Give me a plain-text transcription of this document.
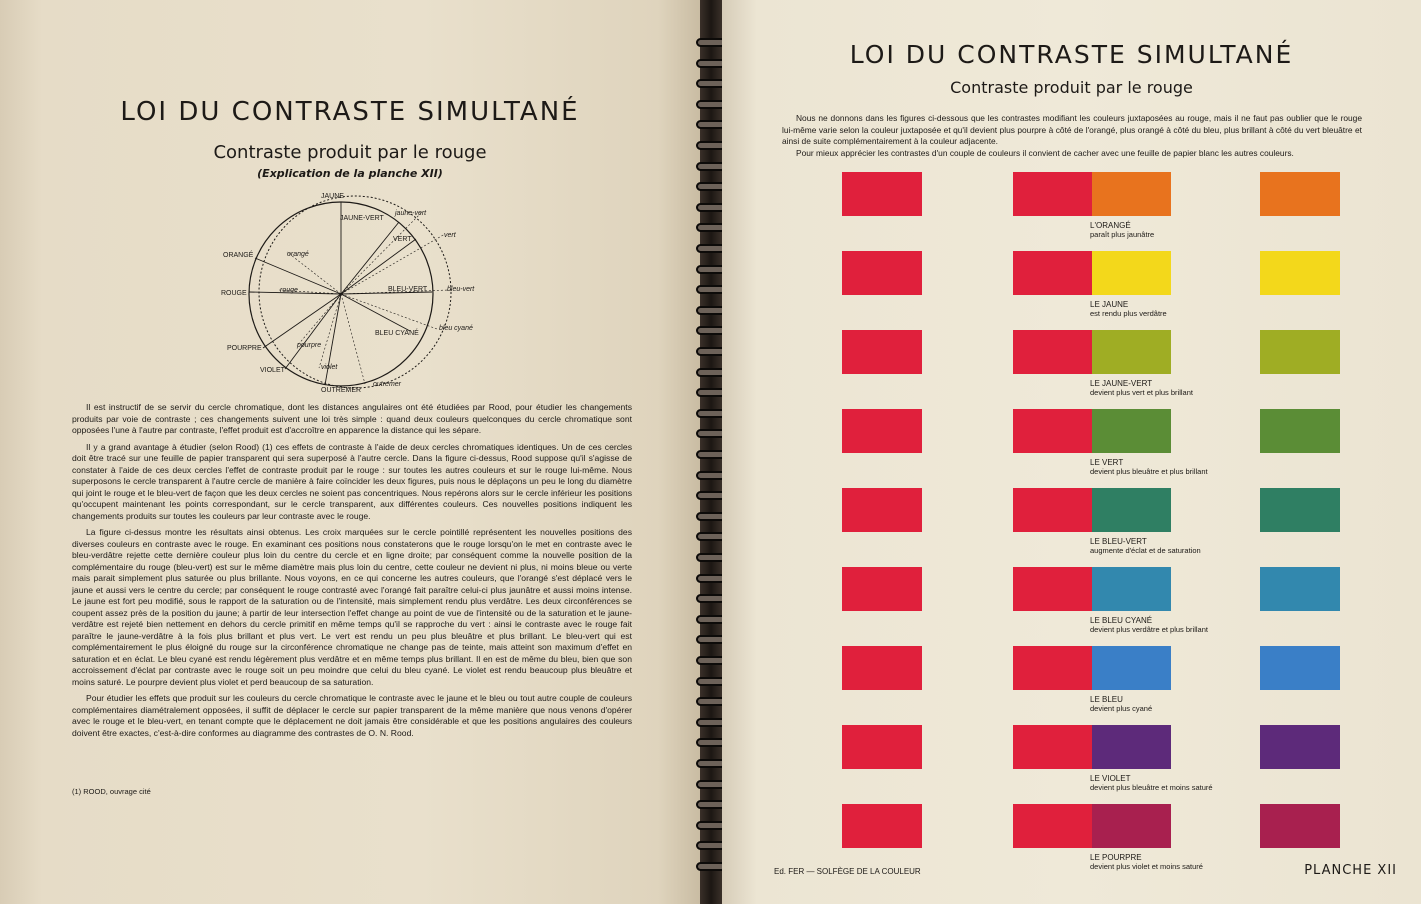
LOI DU CONTRASTE SIMULTANÉ
Contraste produit par le rouge
(Explication de la planche XII)
JAUNE
JAUNE-VERT
jaune-vert
VERT
vert
ORANGÉ	orangé
ROUGE	rouge	BLEU-VERT	bleu-vert
BLEU CYANÉ
bleu cyané
POURPRE	pourpre
VIOLET	violet
OUTREMER
outremer

Il est instructif de se servir du cercle chromatique, dont les distances angulaires ont été étudiées par Rood, pour étudier les changements produits par voie de contraste ; ces changements suivent une loi très simple : quand deux couleurs quelconques du cercle chromatique sont opposées l'une à l'autre par contraste, l'effet produit est d'accroître en apparence la distance qui les sépare.

Il y a grand avantage à étudier (selon Rood) (1) ces effets de contraste à l'aide de deux cercles chromatiques identiques. Un de ces cercles doit être tracé sur une feuille de papier transparent qui sera superposé à l'autre cercle. Dans la figure ci-dessus, Rood suppose qu'il s'agisse de constater à l'aide de ces deux cercles l'effet de contraste produit par le rouge : sur toutes les autres couleurs et sur le rouge lui-même. Nous superposons le cercle transparent à l'autre cercle de manière à faire coïncider les deux figures, puis nous le déplaçons un peu le long du diamètre qui joint le rouge et le bleu-vert de façon que les deux cercles ne soient pas concentriques. Nous repérons alors sur le cercle inférieur les positions qu'occupent maintenant les points correspondant, sur le cercle transparent, aux différentes couleurs. Ces nouvelles positions indiquent les changements produits sur toutes les couleurs par leur contraste avec le rouge.

La figure ci-dessus montre les résultats ainsi obtenus. Les croix marquées sur le cercle pointillé représentent les nouvelles positions des diverses couleurs en contraste avec le rouge. En examinant ces positions nous constaterons que le rouge lorsqu'on le met en contraste avec le bleu-verdâtre rejette cette dernière couleur plus loin du centre du cercle et en ligne droite; par conséquent comme la nouvelle position de la complémentaire du rouge (bleu-vert) est sur le même diamètre mais plus loin du centre, cette couleur ne devient ni plus, ni moins bleue ou verte mais parait simplement plus saturée ou plus brillante. Nous voyons, en ce qui concerne les autres couleurs, que l'orangé s'est déplacé vers le jaune et aussi vers le centre du cercle; par conséquent le rouge contrasté avec l'orangé fait paraître celui-ci plus jaunâtre et aussi moins intense. Le jaune est fort peu modifié, sous le rapport de la saturation ou de l'intensité, mais simplement rendu plus verdâtre. Les deux circonférences se coupent assez près de la position du jaune; à partir de leur intersection l'effet change au point de vue de l'intensité ou de la saturation et le jaune-verdâtre est rejeté bien nettement en dehors du cercle primitif en même temps qu'il se rapproche du vert : ainsi le contraste avec le rouge fait paraître le jaune-verdâtre à la fois plus brillant et plus vert. Le vert est rendu un peu plus bleuâtre et plus brillant. Le bleu-vert qui est complémentairement le plus éloigné du rouge sur la circonférence chromatique ne change pas de teinte, mais atteint son maximum d'effet en saturation et en éclat. Le bleu cyané est rendu légèrement plus verdâtre et en même temps plus brillant. Il en est de même du bleu, bien que son accroissement d'éclat par contraste avec le rouge soit un peu moindre que celui du bleu cyané. Le violet est rendu beaucoup plus bleuâtre et moins saturé. Le pourpre devient plus violet et perd beaucoup de sa saturation.

Pour étudier les effets que produit sur les couleurs du cercle chromatique le contraste avec le jaune et le bleu ou tout autre couple de couleurs complémentaires diamétralement opposées, il suffit de déplacer le cercle sur papier transparent de la même manière que nous venons d'opérer avec le rouge et le bleu-vert, en tenant compte que le déplacement ne doit jamais être considérable et que les positions angulaires des couleurs doivent être exactes, c'est-à-dire conformes au diagramme des contrastes de O. N. Rood.

(1) ROOD, ouvrage cité
LOI DU CONTRASTE SIMULTANÉ
Contraste produit par le rouge

Nous ne donnons dans les figures ci-dessous que les contrastes modifiant les couleurs juxtaposées au rouge, mais il ne faut pas oublier que le rouge lui-même varie selon la couleur juxtaposée et qu'il devient plus pourpre à côté de l'orangé, plus orangé à côté du bleu, plus brillant à côté du vert bleuâtre et ainsi de suite complémentairement à la couleur adjacente.

Pour mieux apprécier les contrastes d'un couple de couleurs il convient de cacher avec une feuille de papier blanc les autres couleurs.

L'ORANGÉ
paraît plus jaunâtre
LE JAUNE
est rendu plus verdâtre
LE JAUNE-VERT
devient plus vert et plus brillant
LE VERT
devient plus bleuâtre et plus brillant
LE BLEU-VERT
augmente d'éclat et de saturation
LE BLEU CYANÉ
devient plus verdâtre et plus brillant
LE BLEU
devient plus cyané
LE VIOLET
devient plus bleuâtre et moins saturé
LE POURPRE
devient plus violet et moins saturé
Ed. FER — SOLFÈGE DE LA COULEUR	PLANCHE XII
